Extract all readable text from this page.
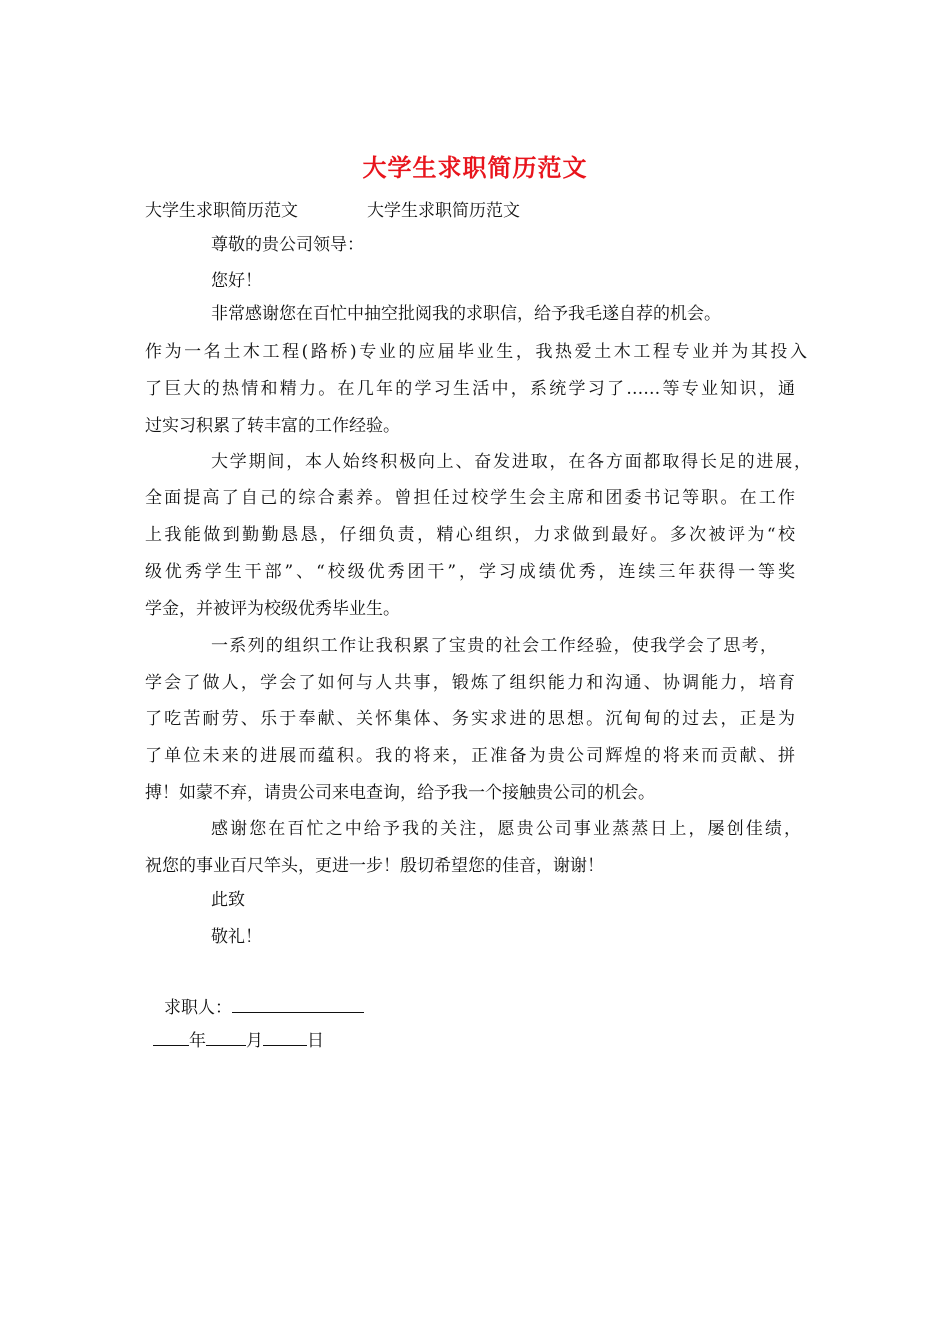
大学生求职简历范文
大学生求职简历范文	大学生求职简历范文
尊敬的贵公司领导：
您好！
非常感谢您在百忙中抽空批阅我的求职信，给予我毛遂自荐的机会。
作为一名土木工程(路桥)专业的应届毕业生，我热爱土木工程专业并为其投入
了巨大的热情和精力。在几年的学习生活中，系统学习了……等专业知识，通
过实习积累了转丰富的工作经验。
大学期间，本人始终积极向上、奋发进取，在各方面都取得长足的进展，
全面提高了自己的综合素养。曾担任过校学生会主席和团委书记等职。在工作
上我能做到勤勤恳恳，仔细负责，精心组织，力求做到最好。多次被评为“校
级优秀学生干部”、“校级优秀团干”，学习成绩优秀，连续三年获得一等奖
学金，并被评为校级优秀毕业生。
一系列的组织工作让我积累了宝贵的社会工作经验，使我学会了思考，
学会了做人，学会了如何与人共事，锻炼了组织能力和沟通、协调能力，培育
了吃苦耐劳、乐于奉献、关怀集体、务实求进的思想。沉甸甸的过去，正是为
了单位未来的进展而蕴积。我的将来，正准备为贵公司辉煌的将来而贡献、拼
搏！如蒙不弃，请贵公司来电查询，给予我一个接触贵公司的机会。
感谢您在百忙之中给予我的关注，愿贵公司事业蒸蒸日上，屡创佳绩，
祝您的事业百尺竿头，更进一步！殷切希望您的佳音，谢谢！
此致
敬礼！
求职人：
年 月	日
